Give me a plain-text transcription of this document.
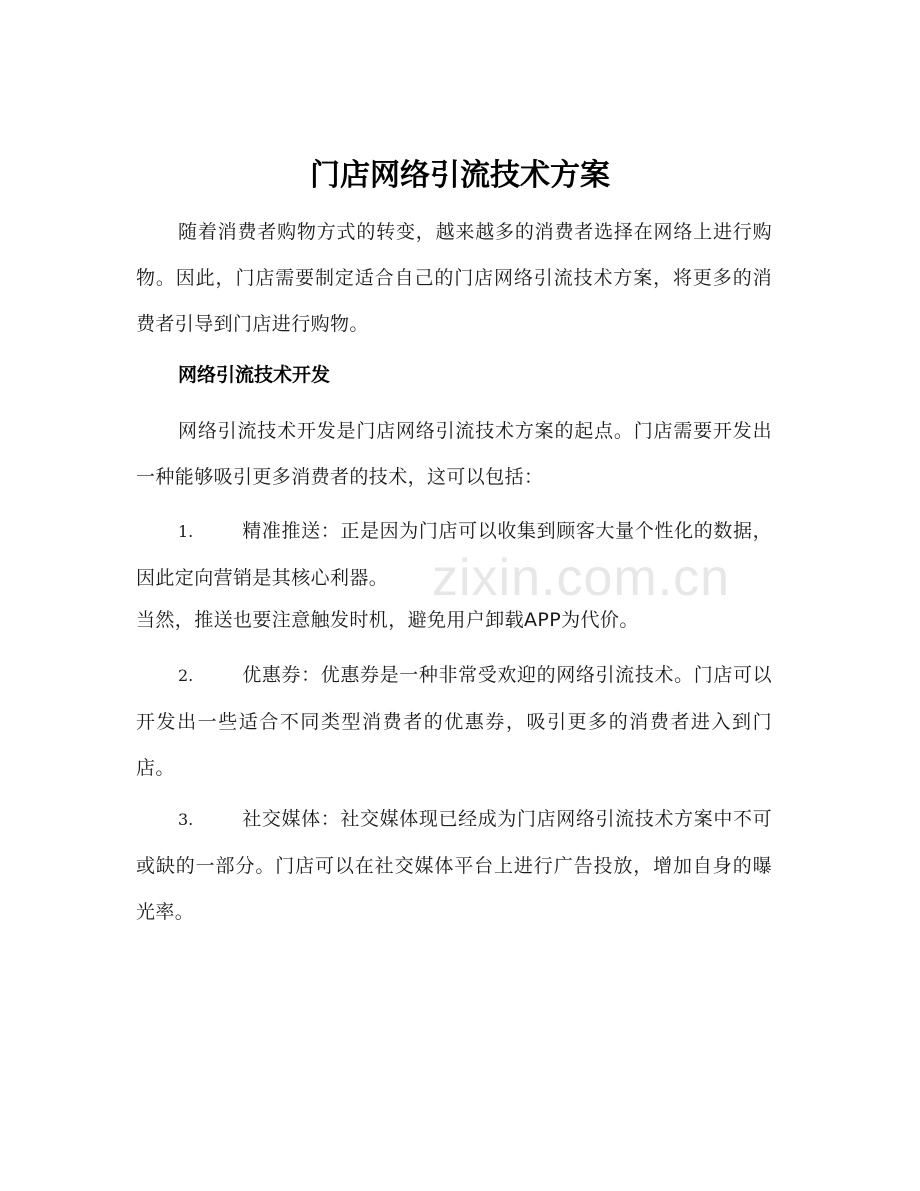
门店网络引流技术方案

随着消费者购物方式的转变，越来越多的消费者选择在网络上进行购物。因此，门店需要制定适合自己的门店网络引流技术方案，将更多的消费者引导到门店进行购物。

网络引流技术开发

网络引流技术开发是门店网络引流技术方案的起点。门店需要开发出一种能够吸引更多消费者的技术，这可以包括：

1.	精准推送：正是因为门店可以收集到顾客大量个性化的数据，因此定向营销是其核心利器。

当然，推送也要注意触发时机，避免用户卸载APP为代价。

2.	优惠券：优惠券是一种非常受欢迎的网络引流技术。门店可以开发出一些适合不同类型消费者的优惠券，吸引更多的消费者进入到门店。

3.	社交媒体：社交媒体现已经成为门店网络引流技术方案中不可或缺的一部分。门店可以在社交媒体平台上进行广告投放，增加自身的曝光率。

zixin.com.cn
